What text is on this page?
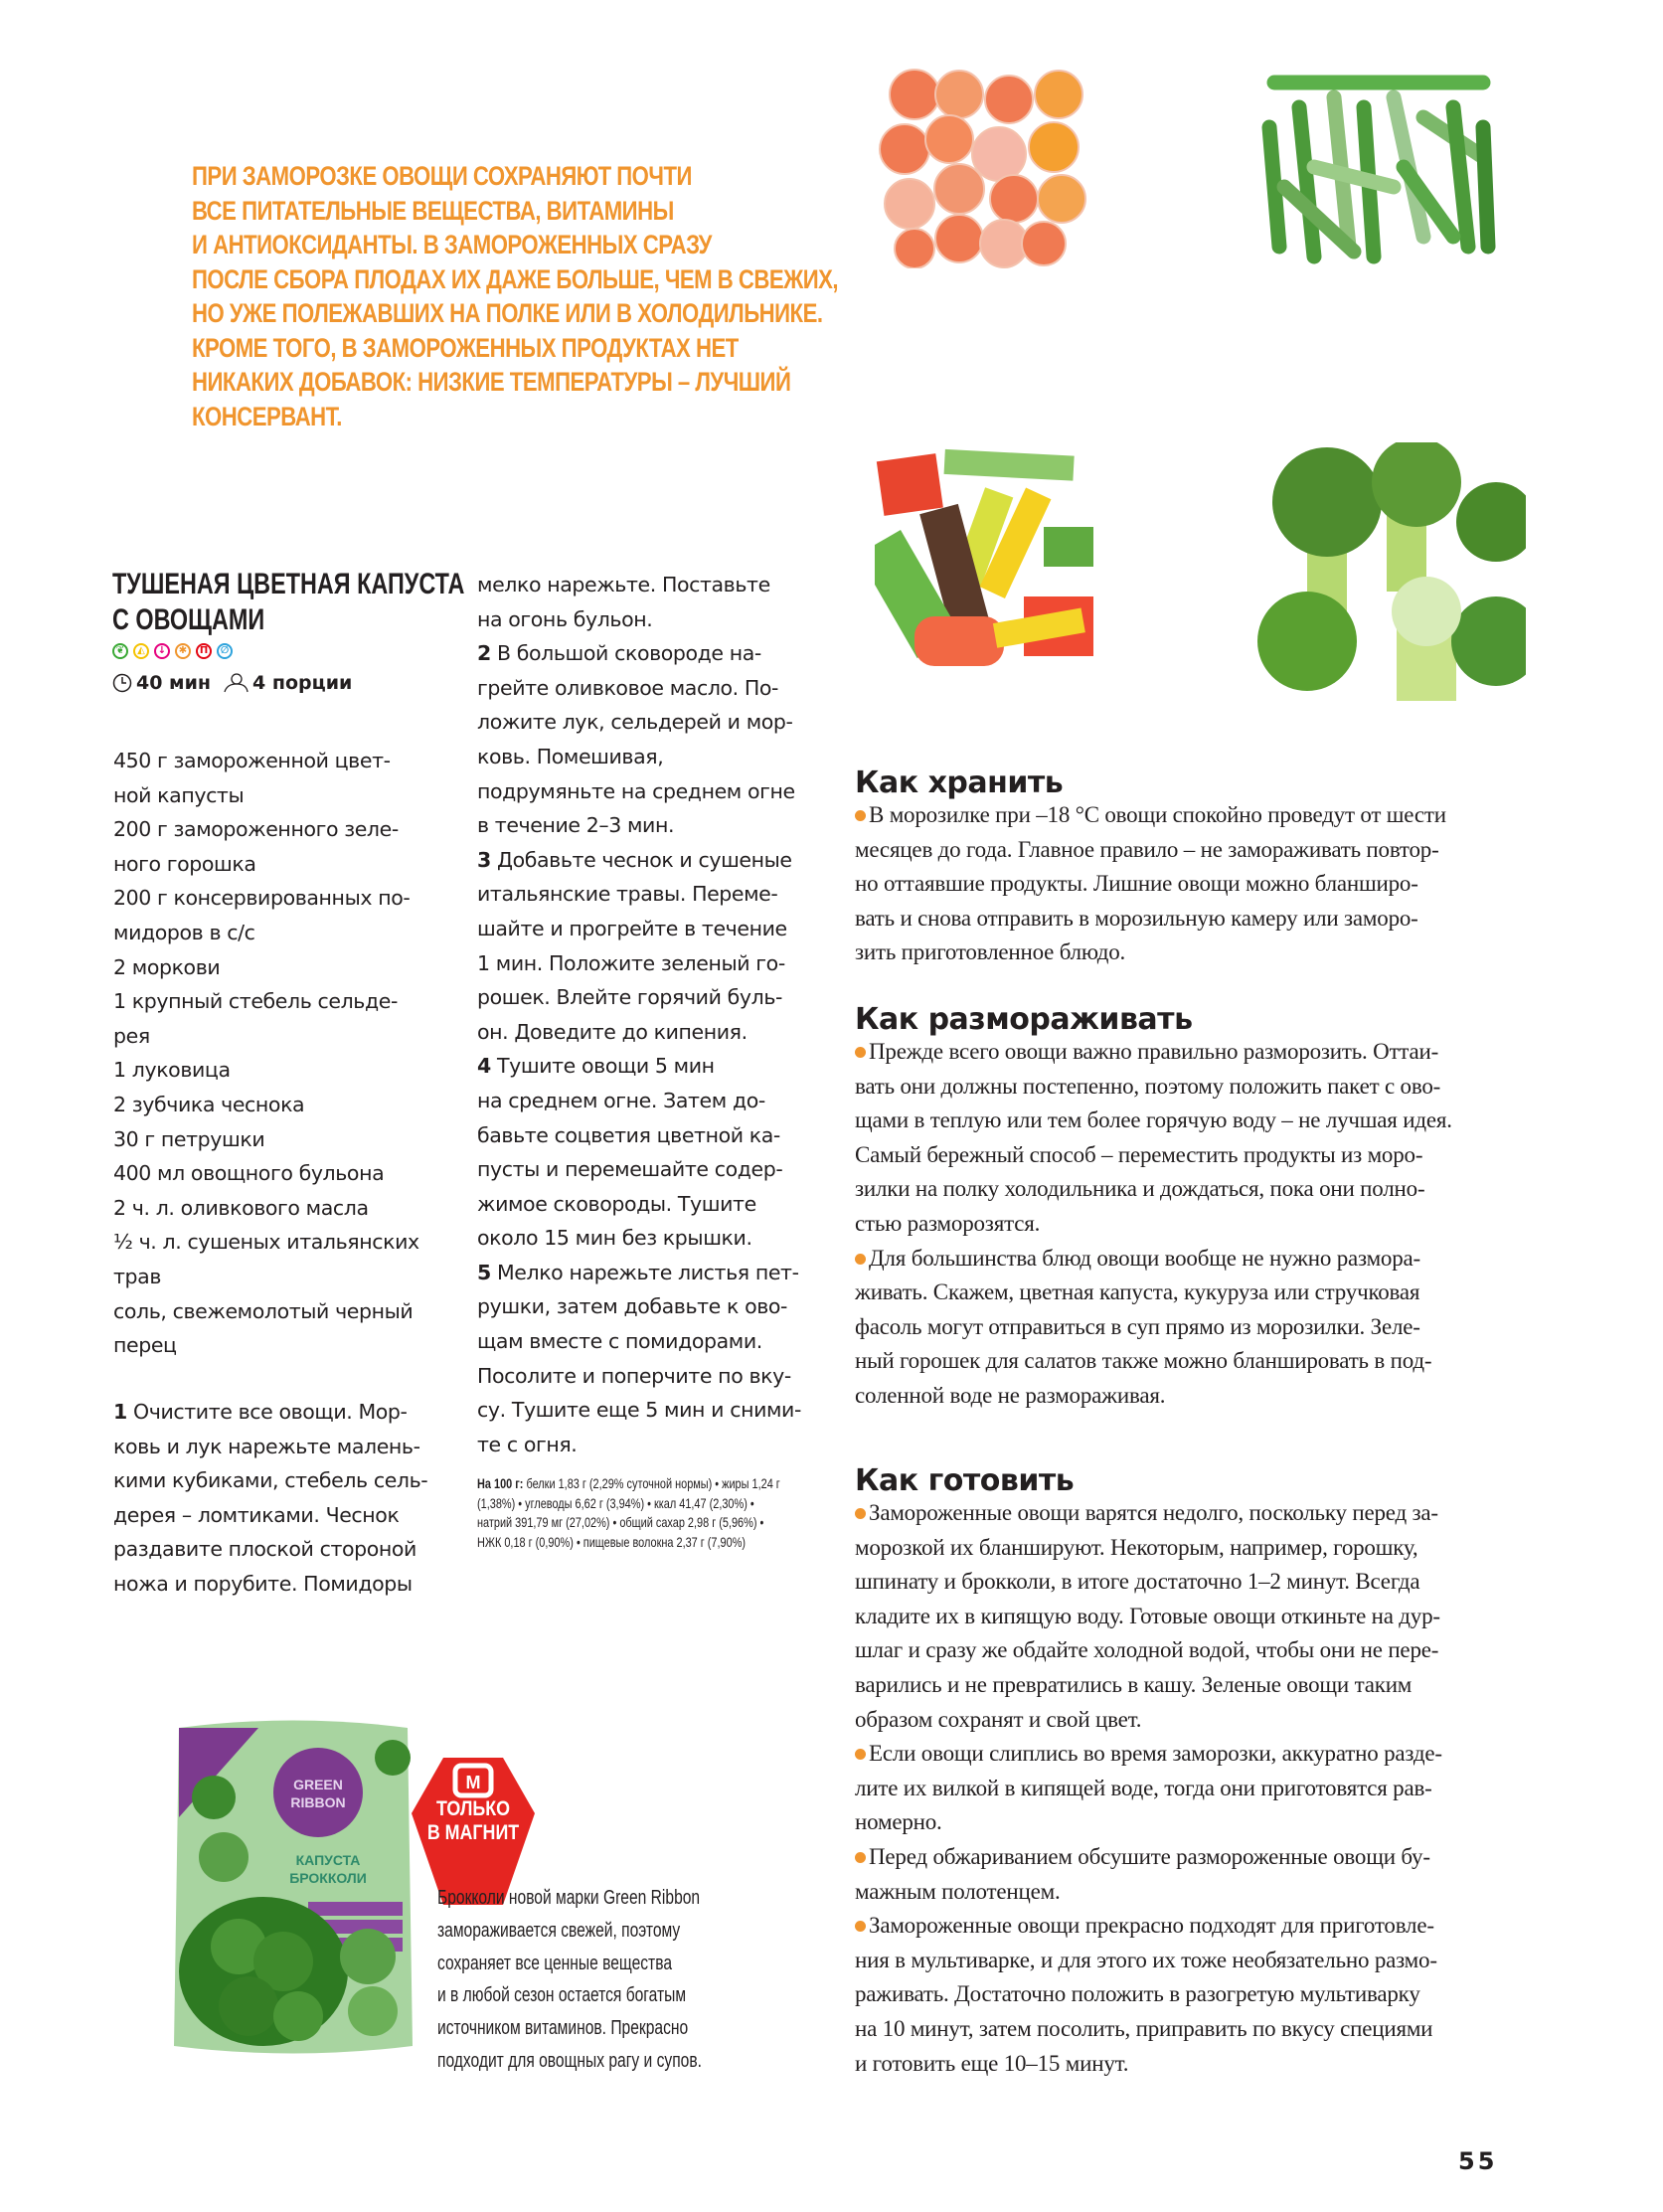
ПРИ ЗАМОРОЗКЕ ОВОЩИ СОХРАНЯЮТ ПОЧТИ
ВСЕ ПИТАТЕЛЬНЫЕ ВЕЩЕСТВА, ВИТАМИНЫ
И АНТИОКСИДАНТЫ. В ЗАМОРОЖЕННЫХ СРАЗУ
ПОСЛЕ СБОРА ПЛОДАХ ИХ ДАЖЕ БОЛЬШЕ, ЧЕМ В СВЕЖИХ,
НО УЖЕ ПОЛЕЖАВШИХ НА ПОЛКЕ ИЛИ В ХОЛОДИЛЬНИКЕ.
КРОМЕ ТОГО, В ЗАМОРОЖЕННЫХ ПРОДУКТАХ НЕТ
НИКАКИХ ДОБАВОК: НИЗКИЕ ТЕМПЕРАТУРЫ – ЛУЧШИЙ
КОНСЕРВАНТ.
ТУШЕНАЯ ЦВЕТНАЯ КАПУСТА
С ОВОЩАМИ
❦	◭	↓	✱	П	∅
40 мин 4 порции
450 г замороженной цвет-
ной капусты
200 г замороженного зеле-
ного горошка
200 г консервированных по-
мидоров в с/с
2 моркови
1 крупный стебель сельде-
рея
1 луковица
2 зубчика чеснока
30 г петрушки
400 мл овощного бульона
2 ч. л. оливкового масла
½ ч. л. сушеных итальянских
трав
соль, свежемолотый черный
перец
1 Очистите все овощи. Мор-
ковь и лук нарежьте малень-
кими кубиками, стебель сель-
дерея – ломтиками. Чеснок
раздавите плоской стороной
ножа и порубите. Помидоры
мелко нарежьте. Поставьте
на огонь бульон.
2 В большой сковороде на-
грейте оливковое масло. По-
ложите лук, сельдерей и мор-
ковь. Помешивая,
подрумяньте на среднем огне
в течение 2–3 мин.
3 Добавьте чеснок и сушеные
итальянские травы. Переме-
шайте и прогрейте в течение
1 мин. Положите зеленый го-
рошек. Влейте горячий буль-
он. Доведите до кипения.
4 Тушите овощи 5 мин
на среднем огне. Затем до-
бавьте соцветия цветной ка-
пусты и перемешайте содер-
жимое сковороды. Тушите
около 15 мин без крышки.
5 Мелко нарежьте листья пет-
рушки, затем добавьте к ово-
щам вместе с помидорами.
Посолите и поперчите по вку-
су. Тушите еще 5 мин и сними-
те с огня.
На 100 г: белки 1,83 г (2,29% суточной нормы) • жиры 1,24 г
(1,38%) • углеводы 6,62 г (3,94%) • ккал 41,47 (2,30%) •
натрий 391,79 мг (27,02%) • общий сахар 2,98 г (5,96%) •
НЖК 0,18 г (0,90%) • пищевые волокна 2,37 г (7,90%)
Как хранить
В морозилке при –18 °C овощи спокойно проведут от шести
месяцев до года. Главное правило – не замораживать повтор-
но оттаявшие продукты. Лишние овощи можно бланширо-
вать и снова отправить в морозильную камеру или заморо-
зить приготовленное блюдо.
Как размораживать
Прежде всего овощи важно правильно разморозить. Оттаи-
вать они должны постепенно, поэтому положить пакет с ово-
щами в теплую или тем более горячую воду – не лучшая идея.
Самый бережный способ – переместить продукты из моро-
зилки на полку холодильника и дождаться, пока они полно-
стью разморозятся.
Для большинства блюд овощи вообще не нужно размора-
живать. Скажем, цветная капуста, кукуруза или стручковая
фасоль могут отправиться в суп прямо из морозилки. Зеле-
ный горошек для салатов также можно бланшировать в под-
соленной воде не размораживая.
Как готовить
Замороженные овощи варятся недолго, поскольку перед за-
морозкой их бланшируют. Некоторым, например, горошку,
шпинату и брокколи, в итоге достаточно 1–2 минут. Всегда
кладите их в кипящую воду. Готовые овощи откиньте на дур-
шлаг и сразу же обдайте холодной водой, чтобы они не пере-
варились и не превратились в кашу. Зеленые овощи таким
образом сохранят и свой цвет.
Если овощи слиплись во время заморозки, аккуратно разде-
лите их вилкой в кипящей воде, тогда они приготовятся рав-
номерно.
Перед обжариванием обсушите размороженные овощи бу-
мажным полотенцем.
Замороженные овощи прекрасно подходят для приготовле-
ния в мультиварке, и для этого их тоже необязательно размо-
раживать. Достаточно положить в разогретую мультиварку
на 10 минут, затем посолить, приправить по вкусу специями
и готовить еще 10–15 минут.
GREEN
RIBBON
КАПУСТА
БРОККОЛИ
М
ТОЛЬКО
В МАГНИТ
Брокколи новой марки Green Ribbon
замораживается свежей, поэтому
сохраняет все ценные вещества
и в любой сезон остается богатым
источником витаминов. Прекрасно
подходит для овощных рагу и супов.
55
